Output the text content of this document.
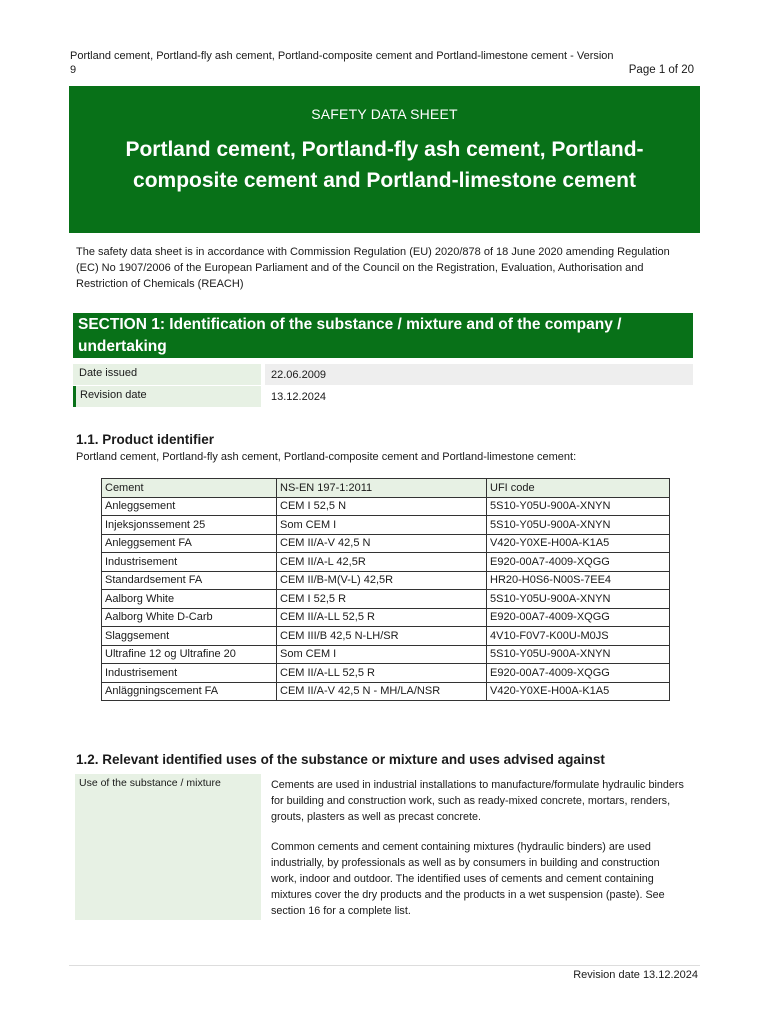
Portland cement, Portland-fly ash cement, Portland-composite cement and Portland-limestone cement - Version 9	Page 1 of 20
SAFETY DATA SHEET
Portland cement, Portland-fly ash cement, Portland-composite cement and Portland-limestone cement
The safety data sheet is in accordance with Commission Regulation (EU) 2020/878 of 18 June 2020 amending Regulation (EC) No 1907/2006 of the European Parliament and of the Council on the Registration, Evaluation, Authorisation and Restriction of Chemicals (REACH)
SECTION 1: Identification of the substance / mixture and of the company / undertaking
Date issued	22.06.2009
Revision date	13.12.2024
1.1. Product identifier
Portland cement, Portland-fly ash cement, Portland-composite cement and Portland-limestone cement:
Cement	NS-EN 197-1:2011	UFI code
Anleggsement	CEM I 52,5 N	5S10-Y05U-900A-XNYN
Injeksjonssement 25	Som CEM I	5S10-Y05U-900A-XNYN
Anleggsement FA	CEM II/A-V 42,5 N	V420-Y0XE-H00A-K1A5
Industrisement	CEM II/A-L 42,5R	E920-00A7-4009-XQGG
Standardsement FA	CEM II/B-M(V-L) 42,5R	HR20-H0S6-N00S-7EE4
Aalborg White	CEM I 52,5 R	5S10-Y05U-900A-XNYN
Aalborg White D-Carb	CEM II/A-LL 52,5 R	E920-00A7-4009-XQGG
Slaggsement	CEM III/B 42,5 N-LH/SR	4V10-F0V7-K00U-M0JS
Ultrafine 12 og Ultrafine 20	Som CEM I	5S10-Y05U-900A-XNYN
Industrisement	CEM II/A-LL 52,5 R	E920-00A7-4009-XQGG
Anläggningscement FA	CEM II/A-V 42,5 N - MH/LA/NSR	V420-Y0XE-H00A-K1A5
1.2. Relevant identified uses of the substance or mixture and uses advised against
Use of the substance / mixture	Cements are used in industrial installations to manufacture/formulate hydraulic binders for building and construction work, such as ready-mixed concrete, mortars, renders, grouts, plasters as well as precast concrete.

Common cements and cement containing mixtures (hydraulic binders) are used industrially, by professionals as well as by consumers in building and construction work, indoor and outdoor. The identified uses of cements and cement containing mixtures cover the dry products and the products in a wet suspension (paste). See section 16 for a complete list.

Revision date 13.12.2024
